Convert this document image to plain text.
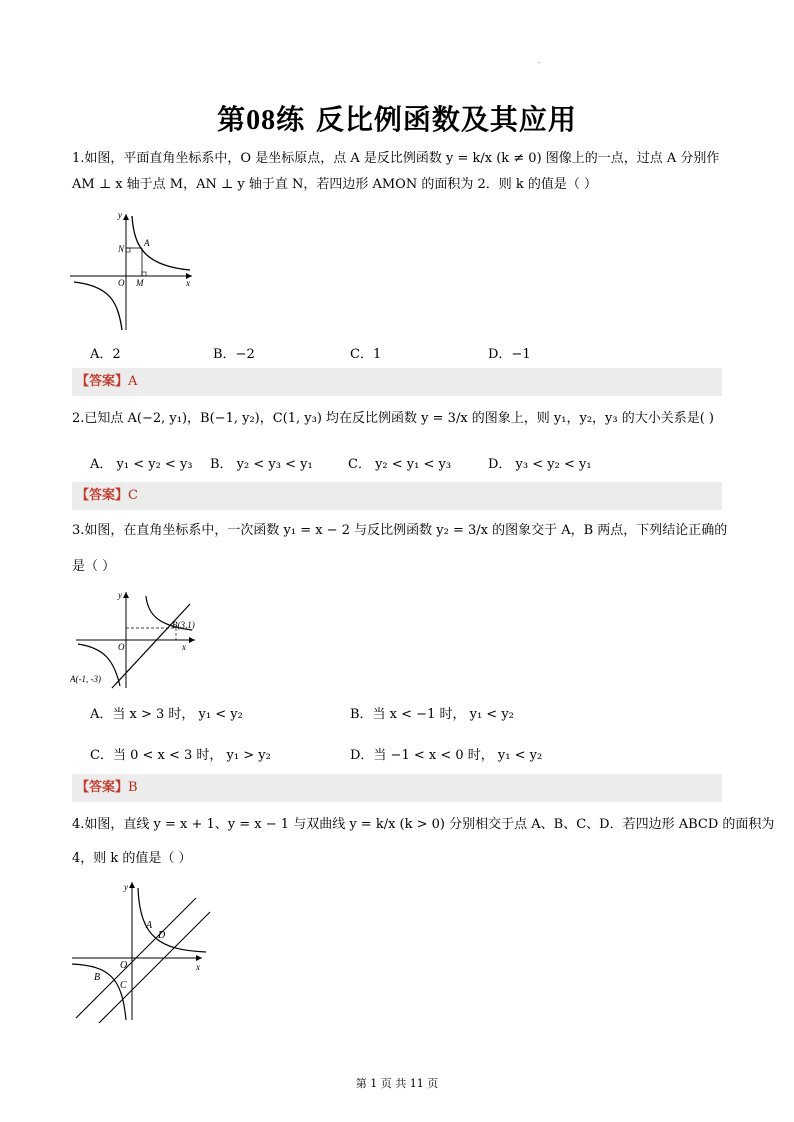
.
第08练 反比例函数及其应用
1.如图，平面直角坐标系中，O 是坐标原点，点 A 是反比例函数 y = k/x (k ≠ 0) 图像上的一点，过点 A 分别作
AM ⊥ x 轴于点 M，AN ⊥ y 轴于直 N，若四边形 AMON 的面积为 2．则 k 的值是（ ）
y
x
N
A
O M
A．2	B．−2	C．1	D．−1
【答案】A
2.已知点 A(−2, y₁)，B(−1, y₂)，C(1, y₃) 均在反比例函数 y = 3/x 的图象上，则 y₁，y₂，y₃ 的大小关系是( )
A． y₁ < y₂ < y₃ B． y₂ < y₃ < y₁	C． y₂ < y₁ < y₃	D． y₃ < y₂ < y₁
【答案】C
3.如图，在直角坐标系中，一次函数 y₁ = x − 2 与反比例函数 y₂ = 3/x 的图象交于 A，B 两点，下列结论正确的
是（ ）
y
x
O
B(3,1)
A(-1, -3)
A．当 x > 3 时， y₁ < y₂	B．当 x < −1 时， y₁ < y₂
C．当 0 < x < 3 时， y₁ > y₂	D．当 −1 < x < 0 时， y₁ < y₂
【答案】B
4.如图，直线 y = x + 1、y = x − 1 与双曲线 y = k/x (k > 0) 分别相交于点 A、B、C、D．若四边形 ABCD 的面积为
4，则 k 的值是（ ）
y
x
O
A
B
C
D
第 1 页 共 11 页
